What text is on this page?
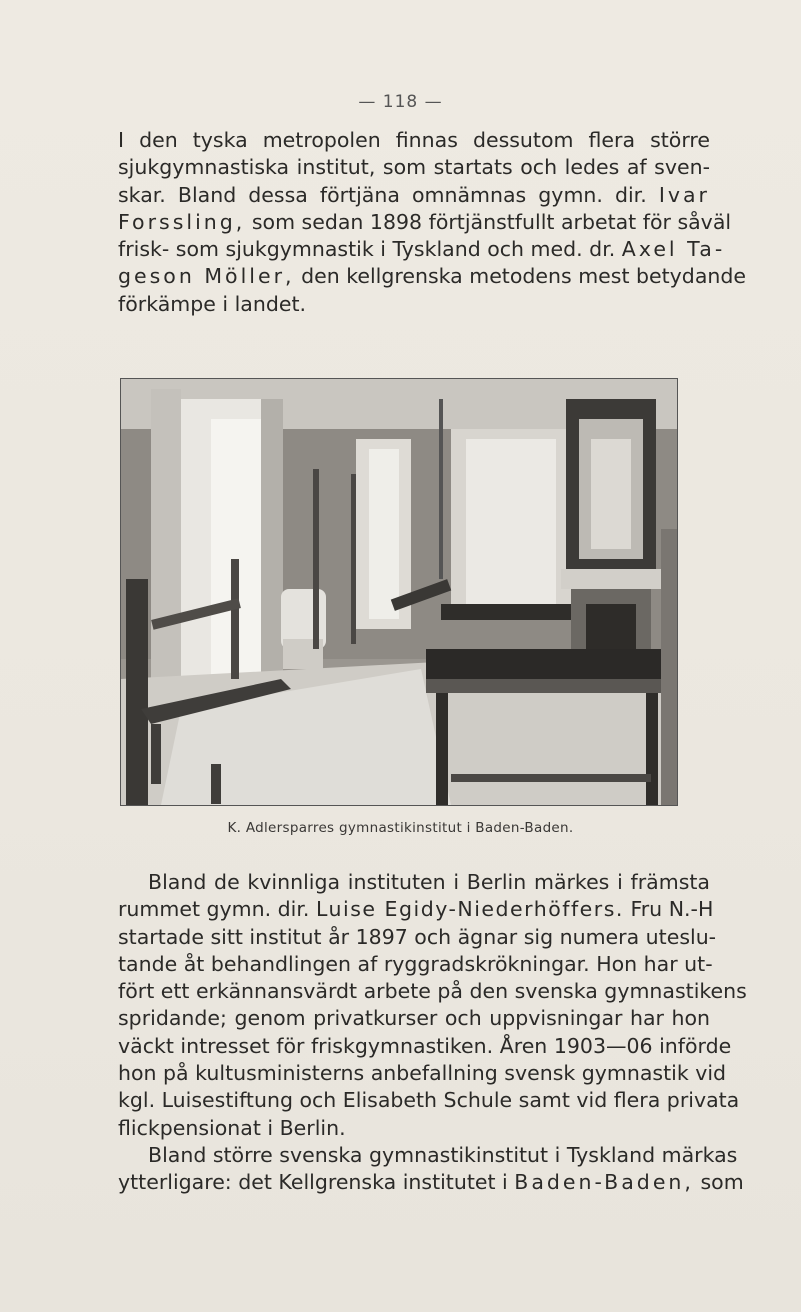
— 118 —
I den tyska metropolen finnas dessutom flera större
sjukgymnastiska institut, som startats och ledes af sven-
skar. Bland dessa förtjäna omnämnas gymn. dir. Ivar
Forssling, som sedan 1898 förtjänstfullt arbetat för såväl
frisk- som sjukgymnastik i Tyskland och med. dr. Axel Ta-
geson Möller, den kellgrenska metodens mest betydande
förkämpe i landet.
K. Adlersparres gymnastikinstitut i Baden-Baden.
Bland de kvinnliga instituten i Berlin märkes i främsta
rummet gymn. dir. Luise Egidy-Niederhöffers. Fru N.-H
startade sitt institut år 1897 och ägnar sig numera uteslu-
tande åt behandlingen af ryggradskrökningar. Hon har ut-
fört ett erkännansvärdt arbete på den svenska gymnastikens
spridande; genom privatkurser och uppvisningar har hon
väckt intresset för friskgymnastiken. Åren 1903—06 införde
hon på kultusministerns anbefallning svensk gymnastik vid
kgl. Luisestiftung och Elisabeth Schule samt vid flera privata
flickpensionat i Berlin.
Bland större svenska gymnastikinstitut i Tyskland märkas
ytterligare: det Kellgrenska institutet i Baden-Baden, som
